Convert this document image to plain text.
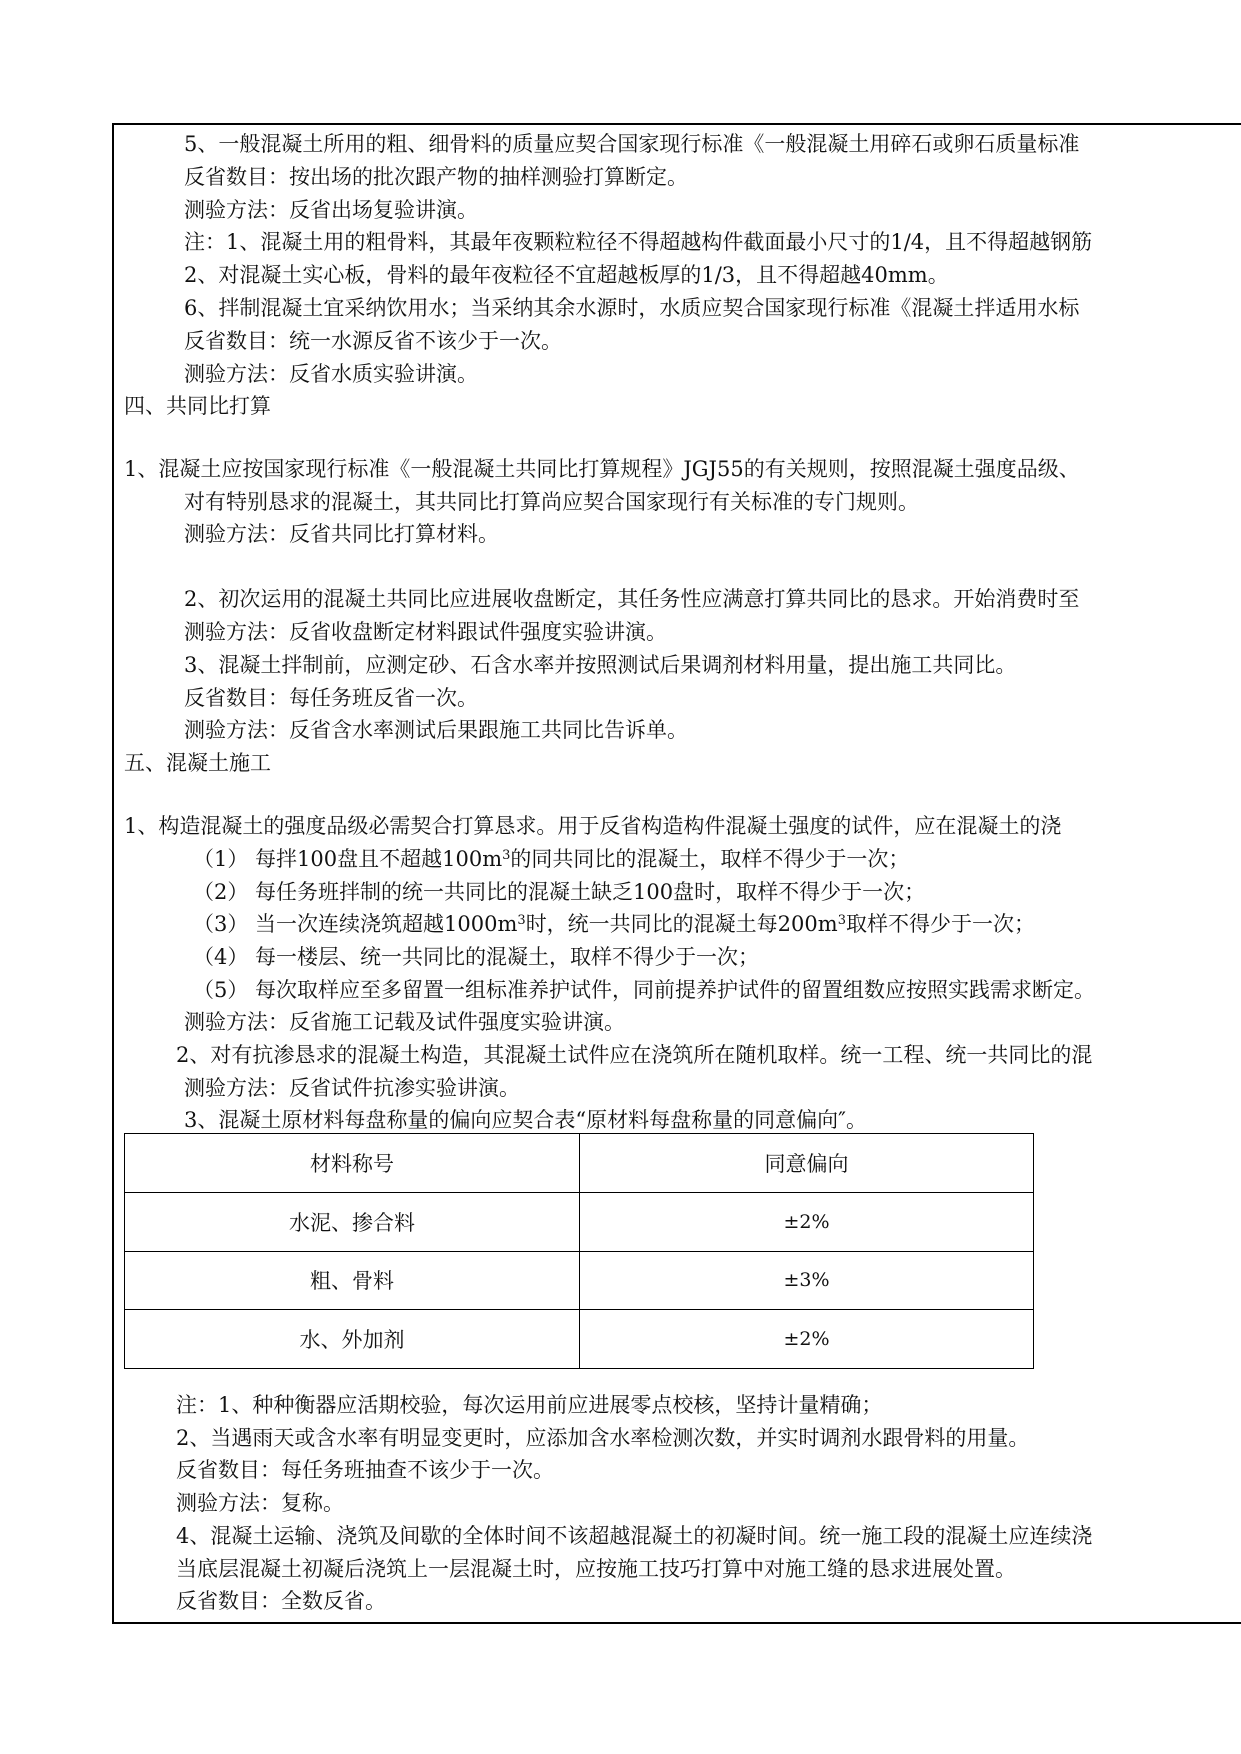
5、一般混凝土所用的粗、细骨料的质量应契合国家现行标准《一般混凝土用碎石或卵石质量标准
反省数目：按出场的批次跟产物的抽样测验打算断定。
测验方法：反省出场复验讲演。
注：1、混凝土用的粗骨料，其最年夜颗粒粒径不得超越构件截面最小尺寸的1/4，且不得超越钢筋
2、对混凝土实心板，骨料的最年夜粒径不宜超越板厚的1/3，且不得超越40mm。
6、拌制混凝土宜采纳饮用水；当采纳其余水源时，水质应契合国家现行标准《混凝土拌适用水标
反省数目：统一水源反省不该少于一次。
测验方法：反省水质实验讲演。
四、共同比打算
1、混凝土应按国家现行标准《一般混凝土共同比打算规程》JGJ55的有关规则，按照混凝土强度品级、
对有特别恳求的混凝土，其共同比打算尚应契合国家现行有关标准的专门规则。
测验方法：反省共同比打算材料。
2、初次运用的混凝土共同比应进展收盘断定，其任务性应满意打算共同比的恳求。开始消费时至
测验方法：反省收盘断定材料跟试件强度实验讲演。
3、混凝土拌制前，应测定砂、石含水率并按照测试后果调剂材料用量，提出施工共同比。
反省数目：每任务班反省一次。
测验方法：反省含水率测试后果跟施工共同比告诉单。
五、混凝土施工
1、构造混凝土的强度品级必需契合打算恳求。用于反省构造构件混凝土强度的试件，应在混凝土的浇
（1） 每拌100盘且不超越$100m^3$的同共同比的混凝土，取样不得少于一次；
（2） 每任务班拌制的统一共同比的混凝土缺乏100盘时，取样不得少于一次；
（3） 当一次连续浇筑超越$1000m^3$时，统一共同比的混凝土每$200m^3$取样不得少于一次；
（4） 每一楼层、统一共同比的混凝土，取样不得少于一次；
（5） 每次取样应至多留置一组标准养护试件，同前提养护试件的留置组数应按照实践需求断定。
测验方法：反省施工记载及试件强度实验讲演。
2、对有抗渗恳求的混凝土构造，其混凝土试件应在浇筑所在随机取样。统一工程、统一共同比的混
测验方法：反省试件抗渗实验讲演。
3、混凝土原材料每盘称量的偏向应契合表“原材料每盘称量的同意偏向″。
材料称号	同意偏向
水泥、掺合料	±2%
粗、骨料	±3%
水、外加剂	±2%
注：1、种种衡器应活期校验，每次运用前应进展零点校核，坚持计量精确；
2、当遇雨天或含水率有明显变更时，应添加含水率检测次数，并实时调剂水跟骨料的用量。
反省数目：每任务班抽查不该少于一次。
测验方法：复称。
4、混凝土运输、浇筑及间歇的全体时间不该超越混凝土的初凝时间。统一施工段的混凝土应连续浇
当底层混凝土初凝后浇筑上一层混凝土时，应按施工技巧打算中对施工缝的恳求进展处置。
反省数目：全数反省。
